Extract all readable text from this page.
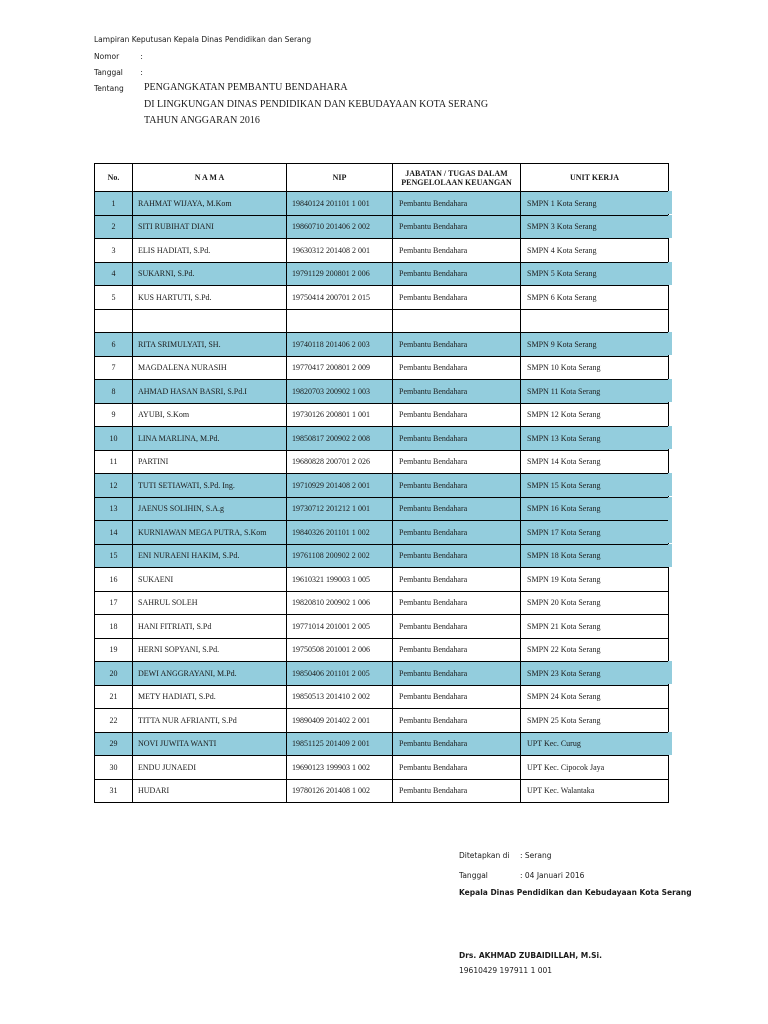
Lampiran Keputusan Kepala Dinas Pendidikan dan Serang
Nomor	:
Tanggal :
Tentang PENGANGKATAN PEMBANTU BENDAHARA
DI LINGKUNGAN DINAS PENDIDIKAN DAN KEBUDAYAAN KOTA SERANG
TAHUN ANGGARAN 2016
No.	N A M A	NIP	JABATAN / TUGAS DALAM PENGELOLAAN KEUANGAN	UNIT KERJA
1	RAHMAT WIJAYA, M.Kom	19840124 201101 1 001	Pembantu Bendahara	SMPN 1 Kota Serang
2	SITI RUBIHAT DIANI	19860710 201406 2 002	Pembantu Bendahara	SMPN 3 Kota Serang
3	ELIS HADIATI, S.Pd.	19630312 201408 2 001	Pembantu Bendahara	SMPN 4 Kota Serang
4	SUKARNI, S.Pd.	19791129 200801 2 006	Pembantu Bendahara	SMPN 5 Kota Serang
5	KUS HARTUTI, S.Pd.	19750414 200701 2 015	Pembantu Bendahara	SMPN 6 Kota Serang

6	RITA SRIMULYATI, SH.	19740118 201406 2 003	Pembantu Bendahara	SMPN 9 Kota Serang
7	MAGDALENA NURASIH	19770417 200801 2 009	Pembantu Bendahara	SMPN 10 Kota Serang
8	AHMAD HASAN BASRI, S.Pd.I	19820703 200902 1 003	Pembantu Bendahara	SMPN 11 Kota Serang
9	AYUBI, S.Kom	19730126 200801 1 001	Pembantu Bendahara	SMPN 12 Kota Serang
10	LINA MARLINA, M.Pd.	19850817 200902 2 008	Pembantu Bendahara	SMPN 13 Kota Serang
11	PARTINI	19680828 200701 2 026	Pembantu Bendahara	SMPN 14 Kota Serang
12	TUTI SETIAWATI, S.Pd. Ing.	19710929 201408 2 001	Pembantu Bendahara	SMPN 15 Kota Serang
13	JAENUS SOLIHIN, S.A.g	19730712 201212 1 001	Pembantu Bendahara	SMPN 16 Kota Serang
14	KURNIAWAN MEGA PUTRA, S.Kom	19840326 201101 1 002	Pembantu Bendahara	SMPN 17 Kota Serang
15	ENI NURAENI HAKIM, S.Pd.	19761108 200902 2 002	Pembantu Bendahara	SMPN 18 Kota Serang
16	SUKAENI	19610321 199003 1 005	Pembantu Bendahara	SMPN 19 Kota Serang
17	SAHRUL SOLEH	19820810 200902 1 006	Pembantu Bendahara	SMPN 20 Kota Serang
18	HANI FITRIATI, S.Pd	19771014 201001 2 005	Pembantu Bendahara	SMPN 21 Kota Serang
19	HERNI SOPYANI, S.Pd.	19750508 201001 2 006	Pembantu Bendahara	SMPN 22 Kota Serang
20	DEWI ANGGRAYANI, M.Pd.	19850406 201101 2 005	Pembantu Bendahara	SMPN 23 Kota Serang
21	METY HADIATI, S.Pd.	19850513 201410 2 002	Pembantu Bendahara	SMPN 24 Kota Serang
22	TITTA NUR AFRIANTI, S.Pd	19890409 201402 2 001	Pembantu Bendahara	SMPN 25 Kota Serang
29	NOVI JUWITA WANTI	19851125 201409 2 001	Pembantu Bendahara	UPT Kec. Curug
30	ENDU JUNAEDI	19690123 199903 1 002	Pembantu Bendahara	UPT Kec. Cipocok Jaya
31	HUDARI	19780126 201408 1 002	Pembantu Bendahara	UPT Kec. Walantaka
Ditetapkan di : Serang
Tanggal	: 04 Januari 2016
Kepala Dinas Pendidikan dan Kebudayaan Kota Serang
Drs. AKHMAD ZUBAIDILLAH, M.Si.
19610429 197911 1 001
